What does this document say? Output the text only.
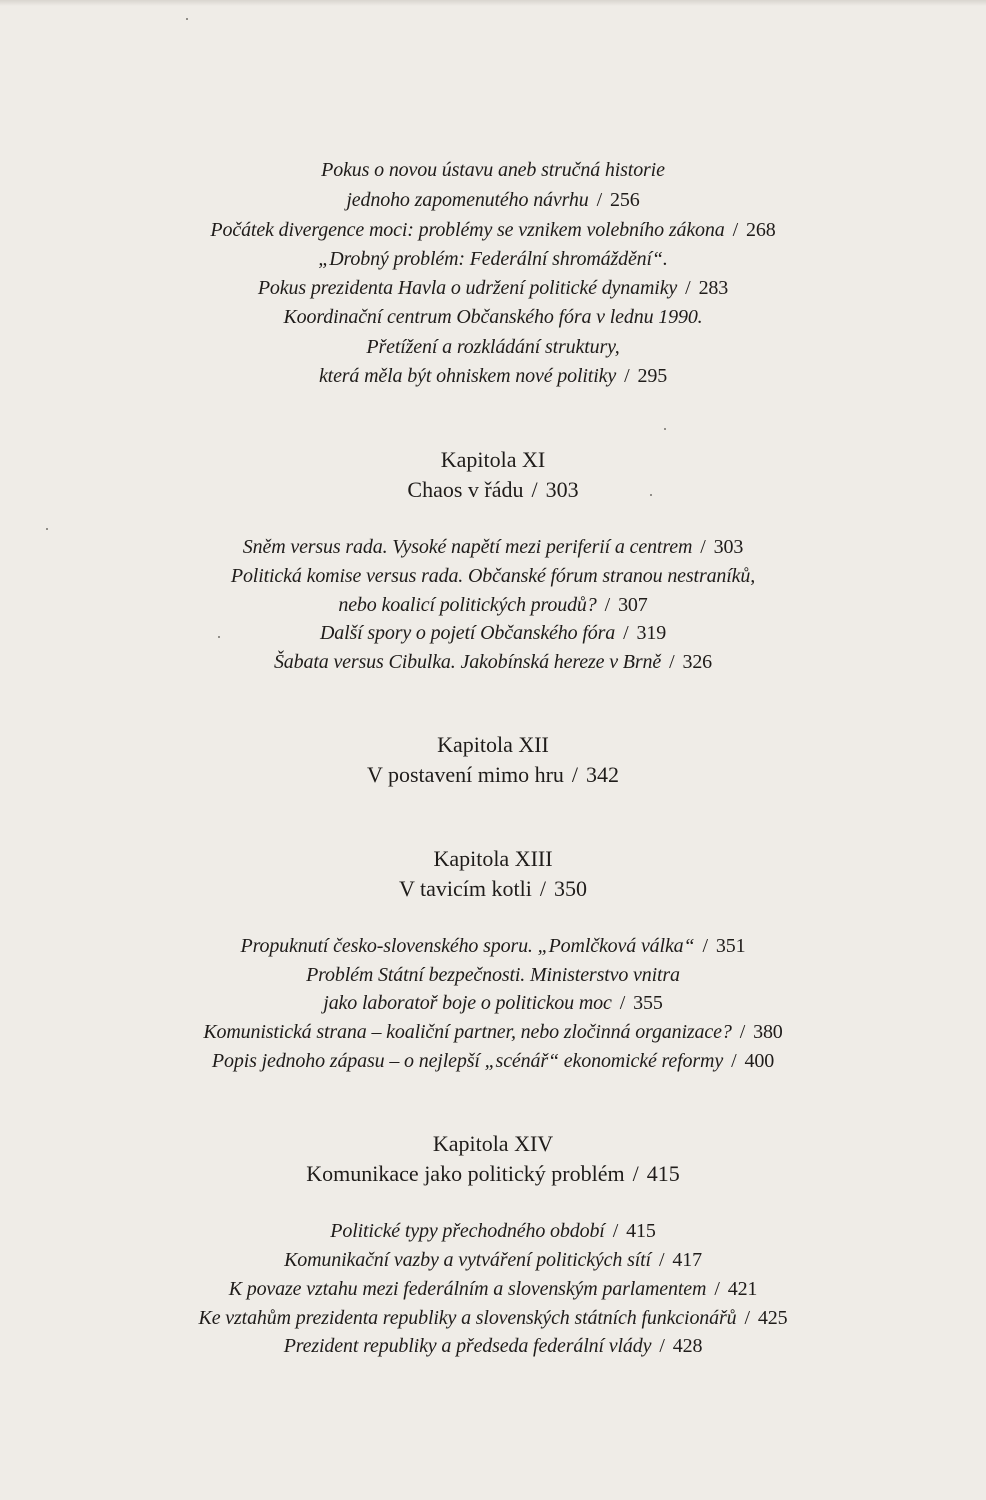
Pokus o novou ústavu aneb stručná historie
jednoho zapomenutého návrhu / 256
Počátek divergence moci: problémy se vznikem volebního zákona / 268
„Drobný problém: Federální shromáždění“.
Pokus prezidenta Havla o udržení politické dynamiky / 283
Koordinační centrum Občanského fóra v lednu 1990.
Přetížení a rozkládání struktury,
která měla být ohniskem nové politiky / 295
Kapitola XI
Chaos v řádu / 303
Sněm versus rada. Vysoké napětí mezi periferií a centrem / 303
Politická komise versus rada. Občanské fórum stranou nestraníků,
nebo koalicí politických proudů? / 307
Další spory o pojetí Občanského fóra / 319
Šabata versus Cibulka. Jakobínská hereze v Brně / 326
Kapitola XII
V postavení mimo hru / 342
Kapitola XIII
V tavicím kotli / 350
Propuknutí česko-slovenského sporu. „Pomlčková válka“ / 351
Problém Státní bezpečnosti. Ministerstvo vnitra
jako laboratoř boje o politickou moc / 355
Komunistická strana – koaliční partner, nebo zločinná organizace? / 380
Popis jednoho zápasu – o nejlepší „scénář“ ekonomické reformy / 400
Kapitola XIV
Komunikace jako politický problém / 415
Politické typy přechodného období / 415
Komunikační vazby a vytváření politických sítí / 417
K povaze vztahu mezi federálním a slovenským parlamentem / 421
Ke vztahům prezidenta republiky a slovenských státních funkcionářů / 425
Prezident republiky a předseda federální vlády / 428
